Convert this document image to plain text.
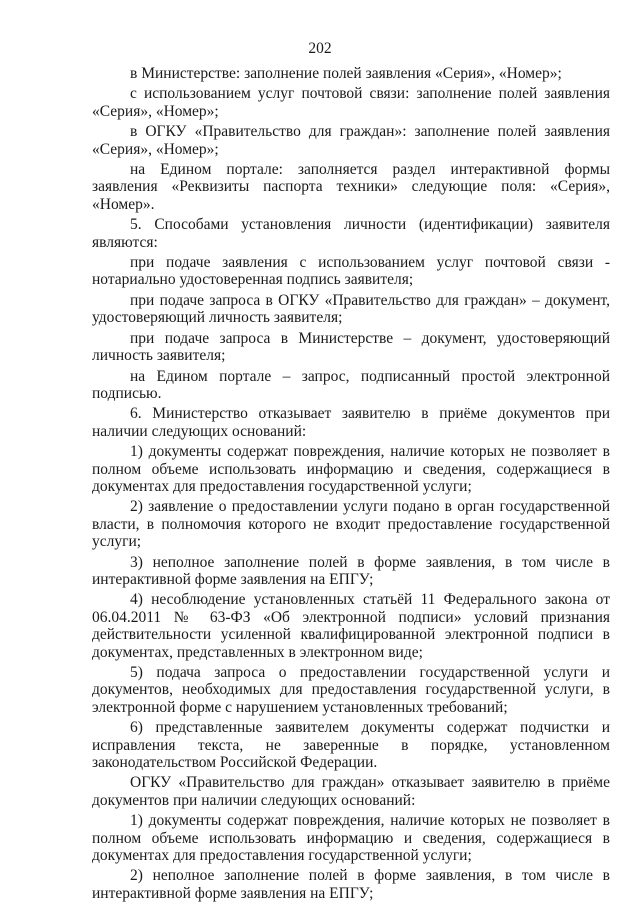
202

в Министерстве: заполнение полей заявления «Серия», «Номер»;

с использованием услуг почтовой связи: заполнение полей заявления «Серия», «Номер»;

в ОГКУ «Правительство для граждан»: заполнение полей заявления «Серия», «Номер»;

на Едином портале: заполняется раздел интерактивной формы заявления «Реквизиты паспорта техники» следующие поля: «Серия», «Номер».

5. Способами установления личности (идентификации) заявителя являются:

при подаче заявления с использованием услуг почтовой связи - нотариально удостоверенная подпись заявителя;

при подаче запроса в ОГКУ «Правительство для граждан» – документ, удостоверяющий личность заявителя;

при подаче запроса в Министерстве – документ, удостоверяющий личность заявителя;

на Едином портале – запрос, подписанный простой электронной подписью.

6. Министерство отказывает заявителю в приёме документов при наличии следующих оснований:

1) документы содержат повреждения, наличие которых не позволяет в полном объеме использовать информацию и сведения, содержащиеся в документах для предоставления государственной услуги;

2) заявление о предоставлении услуги подано в орган государственной власти, в полномочия которого не входит предоставление государственной услуги;

3) неполное заполнение полей в форме заявления, в том числе в интерактивной форме заявления на ЕПГУ;

4) несоблюдение установленных статьёй 11 Федерального закона от 06.04.2011 № 63-ФЗ «Об электронной подписи» условий признания действительности усиленной квалифицированной электронной подписи в документах, представленных в электронном виде;

5) подача запроса о предоставлении государственной услуги и документов, необходимых для предоставления государственной услуги, в электронной форме с нарушением установленных требований;

6) представленные заявителем документы содержат подчистки и исправления текста, не заверенные в порядке, установленном законодательством Российской Федерации.

ОГКУ «Правительство для граждан» отказывает заявителю в приёме документов при наличии следующих оснований:

1) документы содержат повреждения, наличие которых не позволяет в полном объеме использовать информацию и сведения, содержащиеся в документах для предоставления государственной услуги;

2) неполное заполнение полей в форме заявления, в том числе в интерактивной форме заявления на ЕПГУ;
